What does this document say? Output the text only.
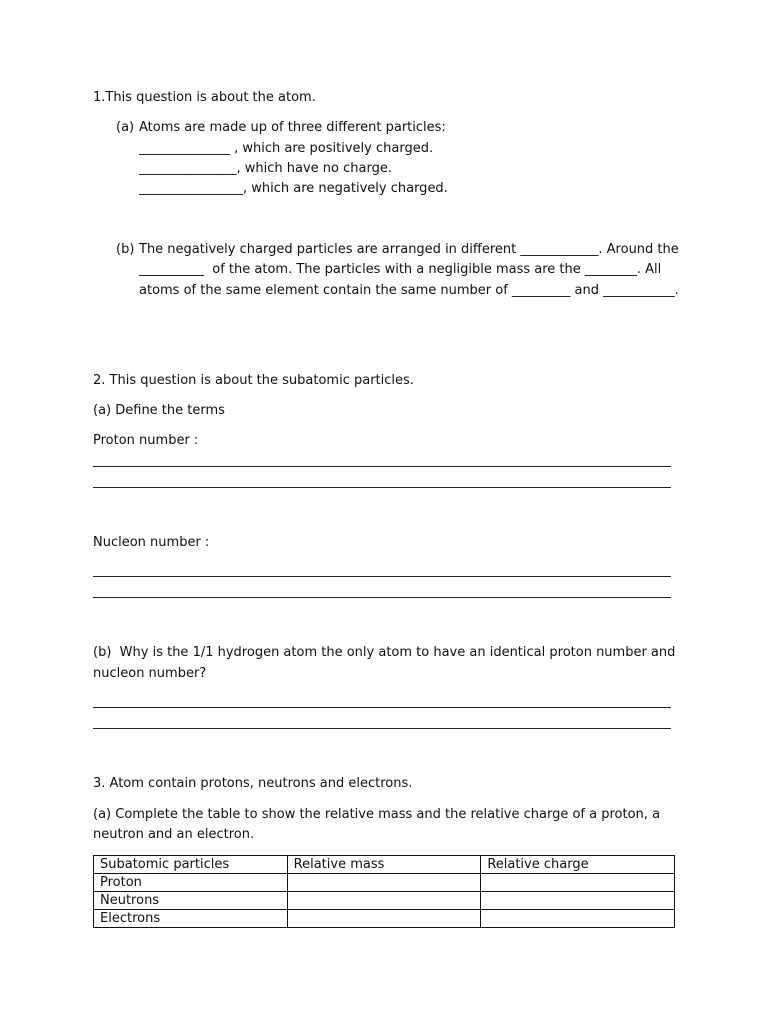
1.This question is about the atom.
(a) Atoms are made up of three different particles:
______________ , which are positively charged.
_______________, which have no charge.
________________, which are negatively charged.
(b) The negatively charged particles are arranged in different ____________. Around the
__________  of the atom. The particles with a negligible mass are the ________. All
atoms of the same element contain the same number of _________ and ___________.
2. This question is about the subatomic particles.
(a) Define the terms
Proton number :
Nucleon number :
(b)  Why is the 1/1 hydrogen atom the only atom to have an identical proton number and
nucleon number?
3. Atom contain protons, neutrons and electrons.
(a) Complete the table to show the relative mass and the relative charge of a proton, a
neutron and an electron.
Subatomic particles	Relative mass	Relative charge
Proton		
Neutrons		
Electrons		
